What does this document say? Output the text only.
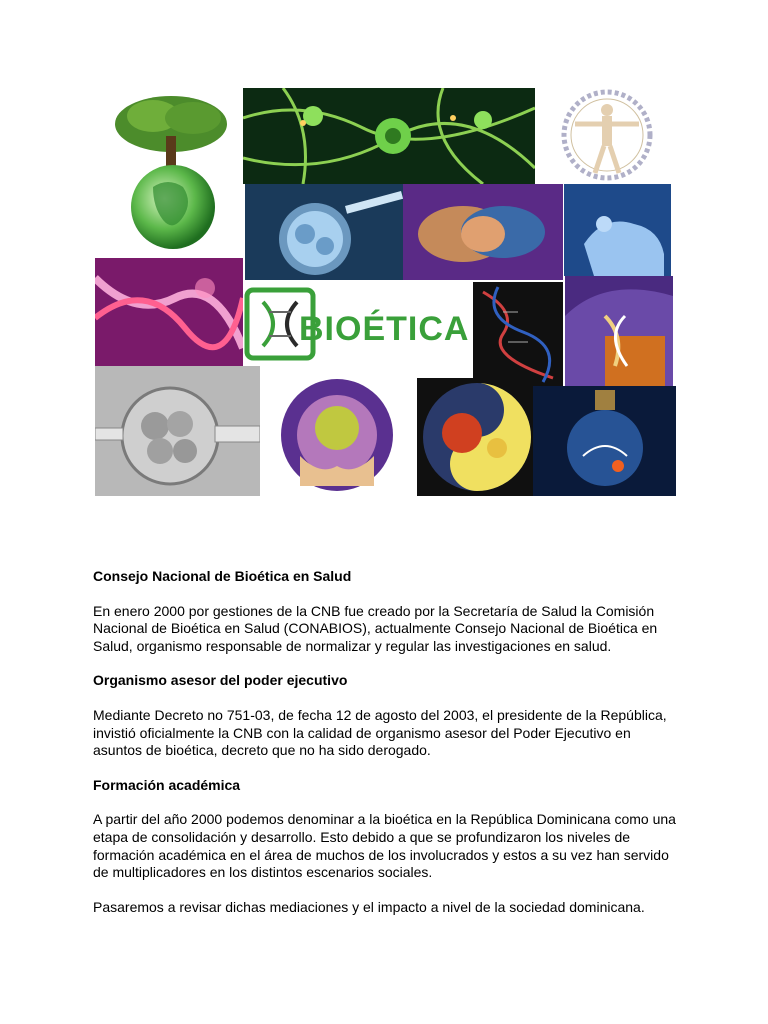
BIOÉTICA
Consejo Nacional de Bioética en Salud

En enero 2000 por gestiones de la CNB fue creado por la Secretaría de Salud la Comisión Nacional de Bioética en Salud (CONABIOS), actualmente Consejo Nacional de Bioética en Salud, organismo responsable de normalizar y regular las investigaciones en salud.

Organismo asesor del poder ejecutivo

Mediante Decreto no 751-03, de fecha 12 de agosto del 2003, el presidente de la República, invistió oficialmente la CNB con la calidad de organismo asesor del Poder Ejecutivo en asuntos de bioética, decreto que no ha sido derogado.

Formación académica

A partir del año 2000 podemos denominar a la bioética en la República Dominicana como una etapa de consolidación y desarrollo. Esto debido a que se profundizaron los niveles de formación académica en el área de muchos de los involucrados y estos a su vez han servido de multiplicadores en los distintos escenarios sociales.

Pasaremos a revisar dichas mediaciones y el impacto a nivel de la sociedad dominicana.
